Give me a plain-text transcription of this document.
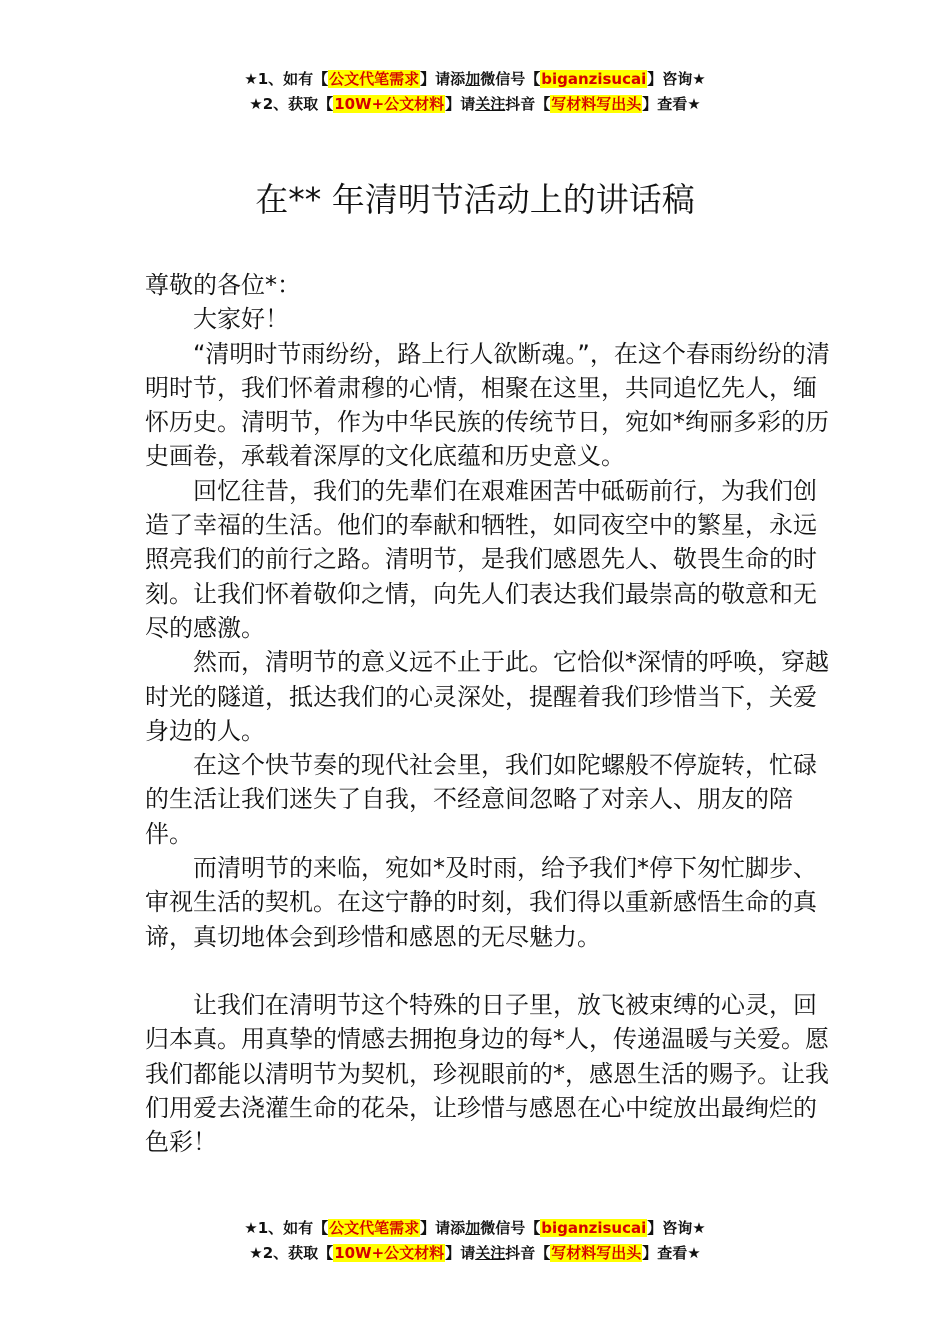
★1、如有【公文代笔需求】请添加微信号【biganzisucai】咨询★
★2、获取【10W+公文材料】请关注抖音【写材料写出头】查看★
在** 年清明节活动上的讲话稿

尊敬的各位*：

大家好！

“清明时节雨纷纷，路上行人欲断魂。”，在这个春雨纷纷的清明时节，我们怀着肃穆的心情，相聚在这里，共同追忆先人，缅怀历史。清明节，作为中华民族的传统节日，宛如*绚丽多彩的历史画卷，承载着深厚的文化底蕴和历史意义。

回忆往昔，我们的先辈们在艰难困苦中砥砺前行，为我们创造了幸福的生活。他们的奉献和牺牲，如同夜空中的繁星，永远照亮我们的前行之路。清明节，是我们感恩先人、敬畏生命的时刻。让我们怀着敬仰之情，向先人们表达我们最崇高的敬意和无尽的感激。

然而，清明节的意义远不止于此。它恰似*深情的呼唤，穿越时光的隧道，抵达我们的心灵深处，提醒着我们珍惜当下，关爱身边的人。

在这个快节奏的现代社会里，我们如陀螺般不停旋转，忙碌的生活让我们迷失了自我，不经意间忽略了对亲人、朋友的陪伴。

而清明节的来临，宛如*及时雨，给予我们*停下匆忙脚步、审视生活的契机。在这宁静的时刻，我们得以重新感悟生命的真谛，真切地体会到珍惜和感恩的无尽魅力。

让我们在清明节这个特殊的日子里，放飞被束缚的心灵，回归本真。用真挚的情感去拥抱身边的每*人，传递温暖与关爱。愿我们都能以清明节为契机，珍视眼前的*，感恩生活的赐予。让我们用爱去浇灌生命的花朵，让珍惜与感恩在心中绽放出最绚烂的色彩！

★1、如有【公文代笔需求】请添加微信号【biganzisucai】咨询★
★2、获取【10W+公文材料】请关注抖音【写材料写出头】查看★
